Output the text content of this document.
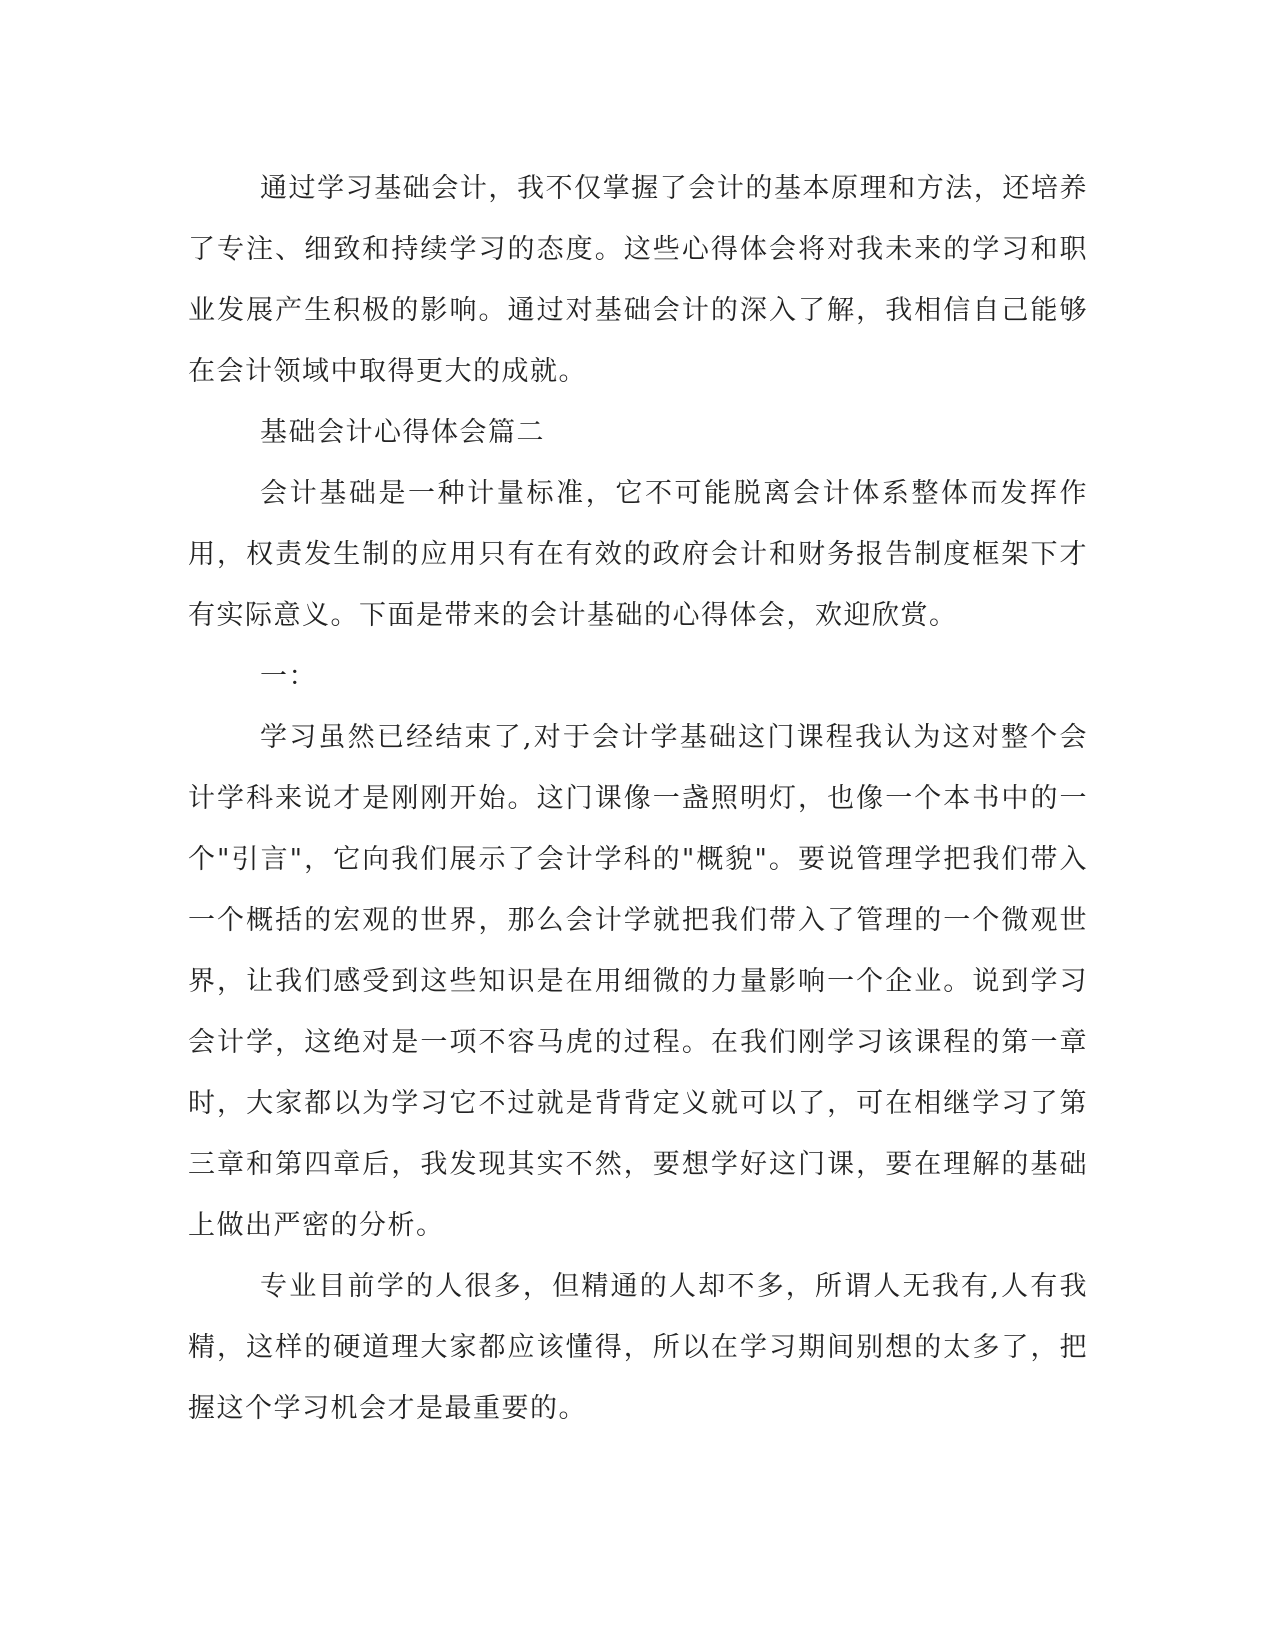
通过学习基础会计，我不仅掌握了会计的基本原理和方法，还培养了专注、细致和持续学习的态度。这些心得体会将对我未来的学习和职业发展产生积极的影响。通过对基础会计的深入了解，我相信自己能够在会计领域中取得更大的成就。

基础会计心得体会篇二

会计基础是一种计量标准，它不可能脱离会计体系整体而发挥作用，权责发生制的应用只有在有效的政府会计和财务报告制度框架下才有实际意义。下面是带来的会计基础的心得体会，欢迎欣赏。

一：

学习虽然已经结束了,对于会计学基础这门课程我认为这对整个会计学科来说才是刚刚开始。这门课像一盏照明灯，也像一个本书中的一个"引言"，它向我们展示了会计学科的"概貌"。要说管理学把我们带入一个概括的宏观的世界，那么会计学就把我们带入了管理的一个微观世界，让我们感受到这些知识是在用细微的力量影响一个企业。说到学习会计学，这绝对是一项不容马虎的过程。在我们刚学习该课程的第一章时，大家都以为学习它不过就是背背定义就可以了，可在相继学习了第三章和第四章后，我发现其实不然，要想学好这门课，要在理解的基础上做出严密的分析。

专业目前学的人很多，但精通的人却不多，所谓人无我有,人有我精，这样的硬道理大家都应该懂得，所以在学习期间别想的太多了，把握这个学习机会才是最重要的。
